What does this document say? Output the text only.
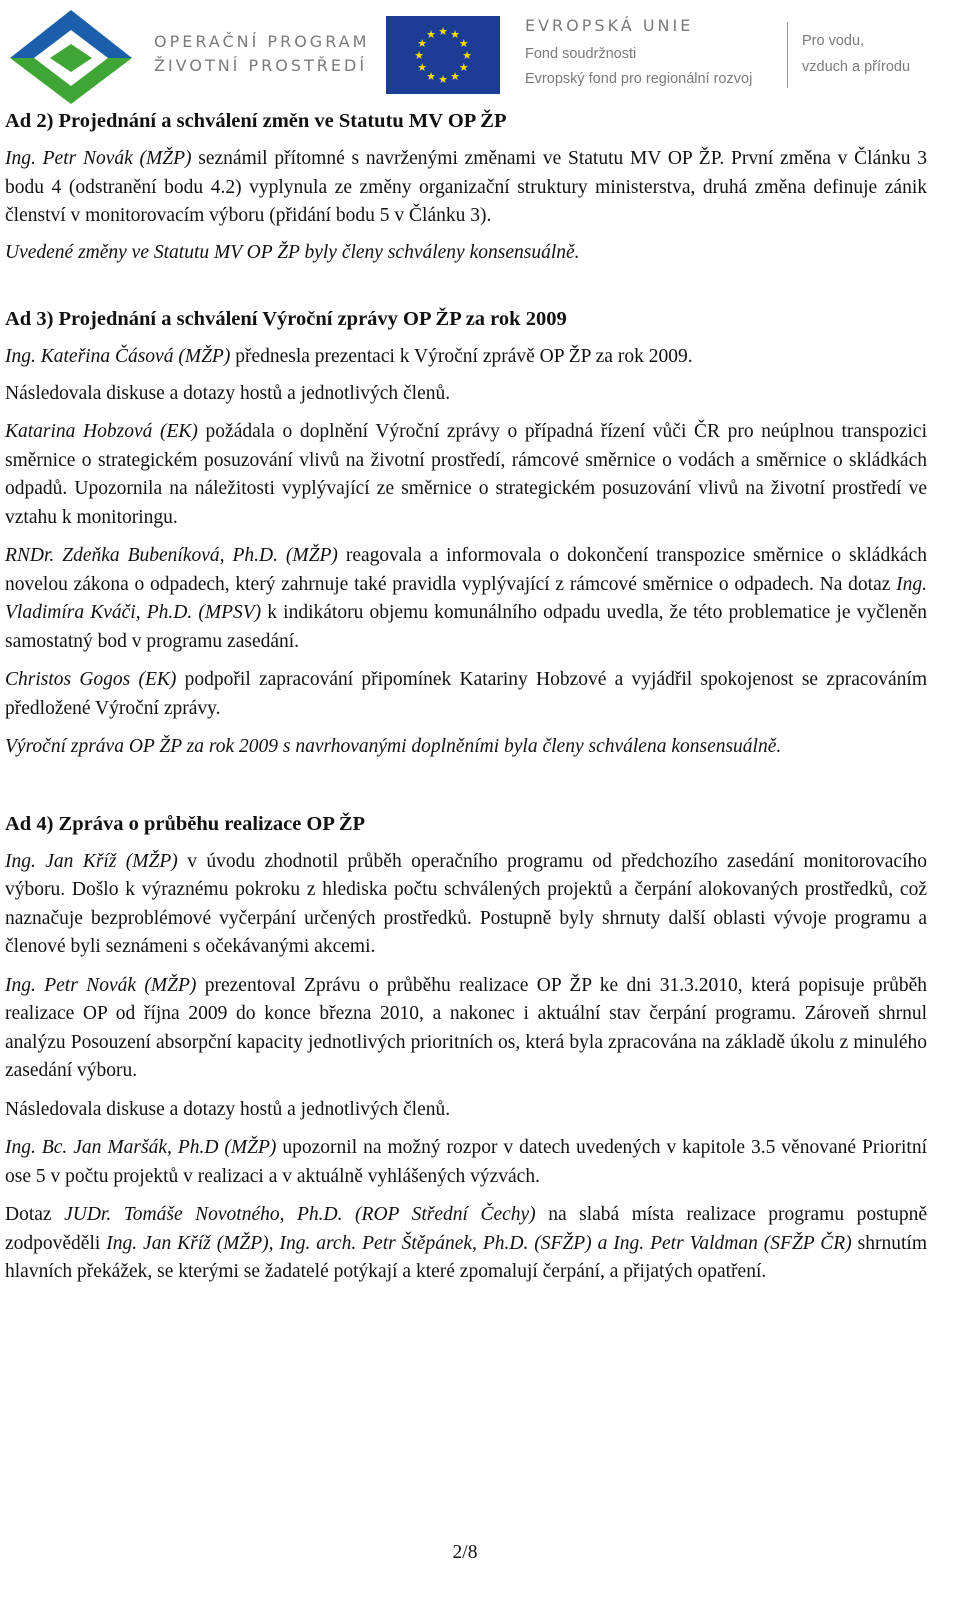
OPERAČNÍ PROGRAM
ŽIVOTNÍ PROSTŘEDÍ
★ ★
★
★
★
★
★
★
★
★
★
★
EVROPSKÁ UNIE
Fond soudržnosti
Evropský fond pro regionální rozvoj
Pro vodu,
vzduch a přírodu
Ad 2) Projednání a schválení změn ve Statutu MV OP ŽP

Ing. Petr Novák (MŽP) seznámil přítomné s navrženými změnami ve Statutu MV OP ŽP. První změna v Článku 3 bodu 4 (odstranění bodu 4.2) vyplynula ze změny organizační struktury ministerstva, druhá změna definuje zánik členství v monitorovacím výboru (přidání bodu 5 v Článku 3).

Uvedené změny ve Statutu MV OP ŽP byly členy schváleny konsensuálně.

Ad 3) Projednání a schválení Výroční zprávy OP ŽP za rok 2009

Ing. Kateřina Čásová (MŽP) přednesla prezentaci k Výroční zprávě OP ŽP za rok 2009.

Následovala diskuse a dotazy hostů a jednotlivých členů.

Katarina Hobzová (EK) požádala o doplnění Výroční zprávy o případná řízení vůči ČR pro neúplnou transpozici směrnice o strategickém posuzování vlivů na životní prostředí, rámcové směrnice o vodách a směrnice o skládkách odpadů. Upozornila na náležitosti vyplývající ze směrnice o strategickém posuzování vlivů na životní prostředí ve vztahu k monitoringu.

RNDr. Zdeňka Bubeníková, Ph.D. (MŽP) reagovala a informovala o dokončení transpozice směrnice o skládkách novelou zákona o odpadech, který zahrnuje také pravidla vyplývající z rámcové směrnice o odpadech. Na dotaz Ing. Vladimíra Kváči, Ph.D. (MPSV) k indikátoru objemu komunálního odpadu uvedla, že této problematice je vyčleněn samostatný bod v programu zasedání.

Christos Gogos (EK) podpořil zapracování připomínek Katariny Hobzové a vyjádřil spokojenost se zpracováním předložené Výroční zprávy.

Výroční zpráva OP ŽP za rok 2009 s navrhovanými doplněními byla členy schválena konsensuálně.

Ad 4) Zpráva o průběhu realizace OP ŽP

Ing. Jan Kříž (MŽP) v úvodu zhodnotil průběh operačního programu od předchozího zasedání monitorovacího výboru. Došlo k výraznému pokroku z hlediska počtu schválených projektů a čerpání alokovaných prostředků, což naznačuje bezproblémové vyčerpání určených prostředků. Postupně byly shrnuty další oblasti vývoje programu a členové byli seznámeni s očekávanými akcemi.

Ing. Petr Novák (MŽP) prezentoval Zprávu o průběhu realizace OP ŽP ke dni 31.3.2010, která popisuje průběh realizace OP od října 2009 do konce března 2010, a nakonec i aktuální stav čerpání programu. Zároveň shrnul analýzu Posouzení absorpční kapacity jednotlivých prioritních os, která byla zpracována na základě úkolu z minulého zasedání výboru.

Následovala diskuse a dotazy hostů a jednotlivých členů.

Ing. Bc. Jan Maršák, Ph.D (MŽP) upozornil na možný rozpor v datech uvedených v kapitole 3.5 věnované Prioritní ose 5 v počtu projektů v realizaci a v aktuálně vyhlášených výzvách.

Dotaz JUDr. Tomáše Novotného, Ph.D. (ROP Střední Čechy) na slabá místa realizace programu postupně zodpověděli Ing. Jan Kříž (MŽP), Ing. arch. Petr Štěpánek, Ph.D. (SFŽP) a Ing. Petr Valdman (SFŽP ČR) shrnutím hlavních překážek, se kterými se žadatelé potýkají a které zpomalují čerpání, a přijatých opatření.

2/8
